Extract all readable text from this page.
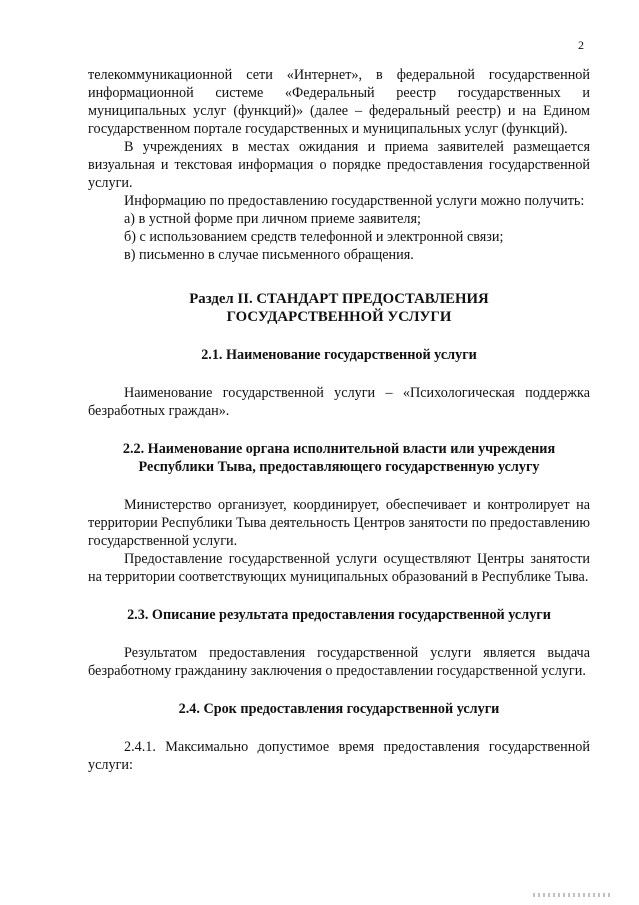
2

телекоммуникационной сети «Интернет», в федеральной государственной информационной системе «Федеральный реестр государственных и муниципальных услуг (функций)» (далее – федеральный реестр) и на Едином государственном портале государственных и муниципальных услуг (функций).

В учреждениях в местах ожидания и приема заявителей размещается визуальная и текстовая информация о порядке предоставления государственной услуги.

Информацию по предоставлению государственной услуги можно получить:

а) в устной форме при личном приеме заявителя;

б) с использованием средств телефонной и электронной связи;

в) письменно в случае письменного обращения.

Раздел II. СТАНДАРТ ПРЕДОСТАВЛЕНИЯ
ГОСУДАРСТВЕННОЙ УСЛУГИ
2.1. Наименование государственной услуги

Наименование государственной услуги – «Психологическая поддержка безработных граждан».

2.2. Наименование органа исполнительной власти или учреждения
Республики Тыва, предоставляющего государственную услугу

Министерство организует, координирует, обеспечивает и контролирует на территории Республики Тыва деятельность Центров занятости по предоставлению государственной услуги.

Предоставление государственной услуги осуществляют Центры занятости на территории соответствующих муниципальных образований в Республике Тыва.

2.3. Описание результата предоставления государственной услуги

Результатом предоставления государственной услуги является выдача безработному гражданину заключения о предоставлении государственной услуги.

2.4. Срок предоставления государственной услуги

2.4.1. Максимально допустимое время предоставления государственной услуги:
